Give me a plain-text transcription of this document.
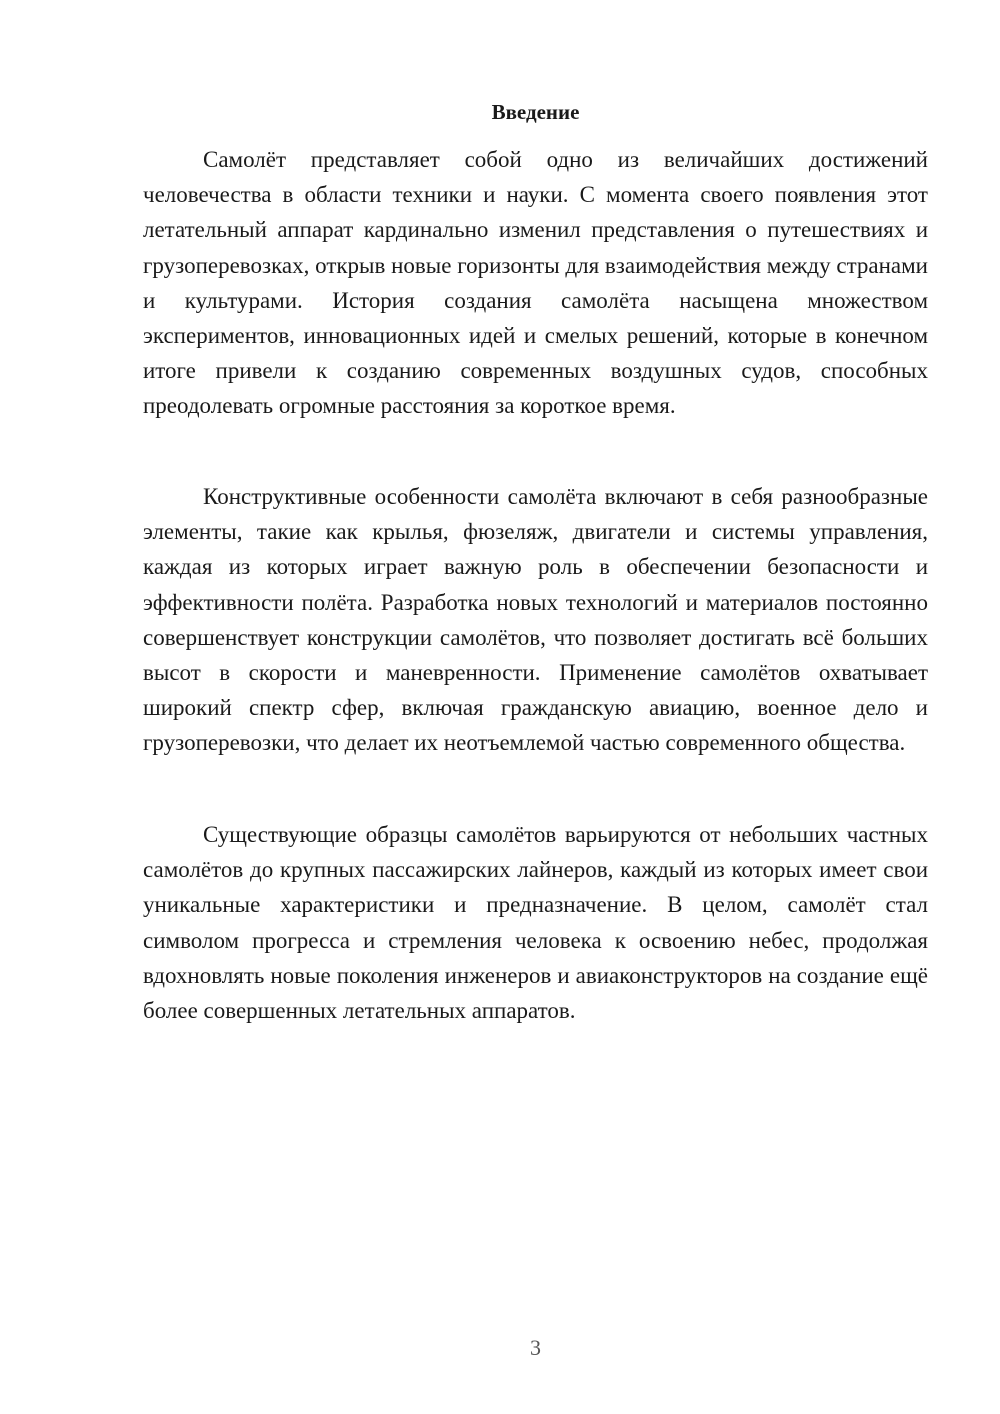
Введение

Самолёт представляет собой одно из величайших достижений человечества в области техники и науки. С момента своего появления этот летательный аппарат кардинально изменил представления о путешествиях и грузоперевозках, открыв новые горизонты для взаимодействия между странами и культурами. История создания самолёта насыщена множеством экспериментов, инновационных идей и смелых решений, которые в конечном итоге привели к созданию современных воздушных судов, способных преодолевать огромные расстояния за короткое время.

Конструктивные особенности самолёта включают в себя разнообразные элементы, такие как крылья, фюзеляж, двигатели и системы управления, каждая из которых играет важную роль в обеспечении безопасности и эффективности полёта. Разработка новых технологий и материалов постоянно совершенствует конструкции самолётов, что позволяет достигать всё больших высот в скорости и маневренности. Применение самолётов охватывает широкий спектр сфер, включая гражданскую авиацию, военное дело и грузоперевозки, что делает их неотъемлемой частью современного общества.

Существующие образцы самолётов варьируются от небольших частных самолётов до крупных пассажирских лайнеров, каждый из которых имеет свои уникальные характеристики и предназначение. В целом, самолёт стал символом прогресса и стремления человека к освоению небес, продолжая вдохновлять новые поколения инженеров и авиаконструкторов на создание ещё более совершенных летательных аппаратов.

3
